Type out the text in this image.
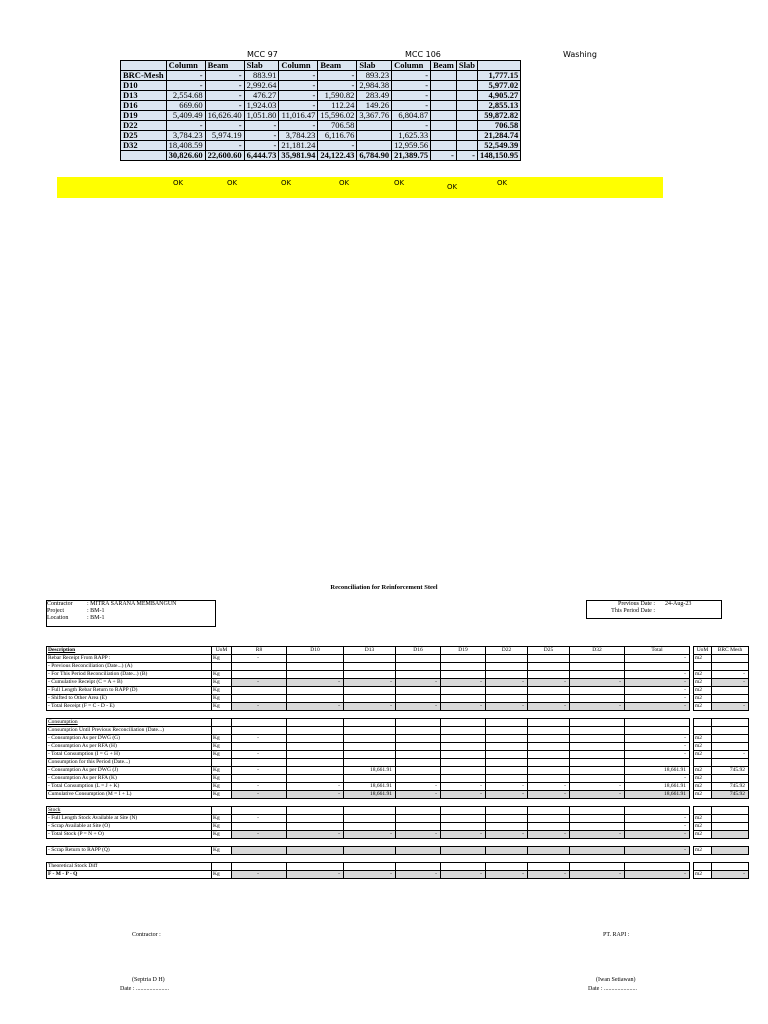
MCC 97	MCC 106	Washing
	Column	Beam	Slab	Column	Beam	Slab	Column	Beam	Slab	
BRC-Mesh	-	-	883.91	-	-	893.23	-			1,777.15
D10	-	-	2,992.64	-	-	2,984.38	-			5,977.02
D13	2,554.68	-	476.27	-	1,590.82	283.49	-			4,905.27
D16	669.60	-	1,924.03	-	112.24	149.26	-			2,855.13
D19	5,409.49	16,626.40	1,051.80	11,016.47	15,596.02	3,367.76	6,804.87			59,872.82
D22	-	-	-	-	706.58		-			706.58
D25	3,784.23	5,974.19	-	3,784.23	6,116.76		1,625.33			21,284.74
D32	18,408.59	-	-	21,181.24	-		12,959.56			52,549.39
	30,826.60	22,600.60	6,444.73	35,981.94	24,122.43	6,784.90	21,389.75	-	-	148,150.95
OK	OK	OK	OK	OK	OK	OK
Reconciliation for Reinforcement Steel
Contractor	: MITRA SARANA MEMBANGUN
Project	: BM-1
Location	: BM-1
Previous Date : 24-Aug-23
This Period Date :
Description	UoM	R8	D10	D13	D16	D19	D22	D25	D32	Total		UoM	BRC Mesh
Rebar Receipt From RAPP :	Kg	-								-		m2	
- Previous Reconciliation (Date...) (A)													
- For This Period Reconciliation (Date...) (B)	Kg									-		m2	-
- Cumulative Receipt (C = A + B)	Kg	-	-	-	-	-	-	-	-	-		m2	-
- Full Length Rebar Return to RAPP (D)	Kg									-		m2	
- Shifted to Other Area (E)	Kg									-		m2	
- Total Receipt (F = C - D - E)	Kg	-	-	-	-	-	-	-	-	-		m2	-

Consumption													
Consumption Until Previous Reconciliation (Date...)													
- Consumption As per DWG (G)	Kg	-								-		m2	
- Consumption As per RFA (H)	Kg									-		m2	
- Total Consumption (I = G + H)	Kg	-								-		m2	-
Consumption for this Period (Date...)													
- Consumption As per DWG (J)	Kg	-		18,661.91						18,661.91		m2	745.92
- Consumption As per RFA (K)	Kg									-		m2	
- Total Consumption (L = J + K)	Kg	-	-	18,661.91	-	-	-	-	-	18,661.91		m2	745.92
Cumulative Consumption (M = I + L)	Kg	-	-	18,661.91	-	-	-	-	-	18,661.91		m2	745.92

Stock													
- Full Length Stock Available at Site (N)	Kg	-								-		m2	
- Scrap Available at Site (O)	Kg									-		m2	
- Total Stock (P = N + O)	Kg	-	-	-	-	-	-	-	-	-		m2	

- Scrap Return to RAPP (Q)	Kg									-		m2	

Theoretical Stock Diff													
F - M - P - Q	Kg	-	-	-	-	-	-	-	-	-		m2	-
Contractor :	PT. RAPI :
(Septria D H)	(Iwan Setiawan)
Date : ......................	Date : ......................
